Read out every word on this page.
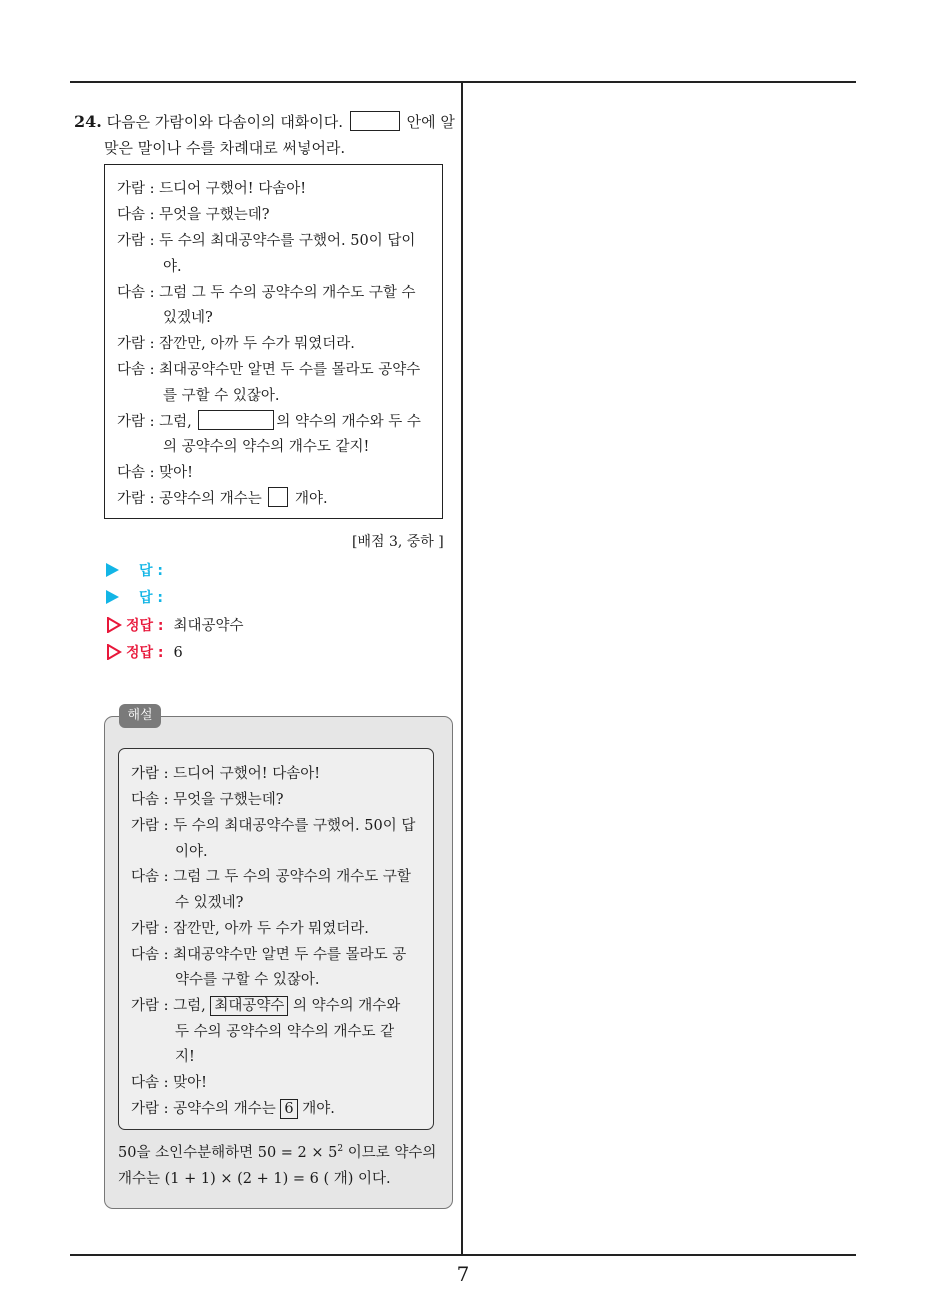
24. 다음은 가람이와 다솜이의 대화이다.	안에 알
맞은 말이나 수를 차례대로 써넣어라.
가람 : 드디어 구했어! 다솜아!
다솜 : 무엇을 구했는데?
가람 : 두 수의 최대공약수를 구했어. 50이 답이
야.
다솜 : 그럼 그 두 수의 공약수의 개수도 구할 수
있겠네?
가람 : 잠깐만, 아까 두 수가 뭐였더라.
다솜 : 최대공약수만 알면 두 수를 몰라도 공약수
를 구할 수 있잖아.
가람 : 그럼,	의 약수의 개수와 두 수
의 공약수의 약수의 개수도 같지!
다솜 : 맞아!
가람 : 공약수의 개수는 개야.
[배점 3, 중하 ]
답 :
답 :
정답 : 최대공약수
정답 : 6
해설
가람 : 드디어 구했어! 다솜아!
다솜 : 무엇을 구했는데?
가람 : 두 수의 최대공약수를 구했어. 50이 답
이야.
다솜 : 그럼 그 두 수의 공약수의 개수도 구할
수 있겠네?
가람 : 잠깐만, 아까 두 수가 뭐였더라.
다솜 : 최대공약수만 알면 두 수를 몰라도 공
약수를 구할 수 있잖아.
가람 : 그럼, 최대공약수 의 약수의 개수와
두 수의 공약수의 약수의 개수도 같
지!
다솜 : 맞아!
가람 : 공약수의 개수는 6 개야.
50을 소인수분해하면 $50 = 2 \times 5^2$ 이므로 약수의
개수는 (1 + 1) × (2 + 1) = 6 ( 개) 이다.
7
